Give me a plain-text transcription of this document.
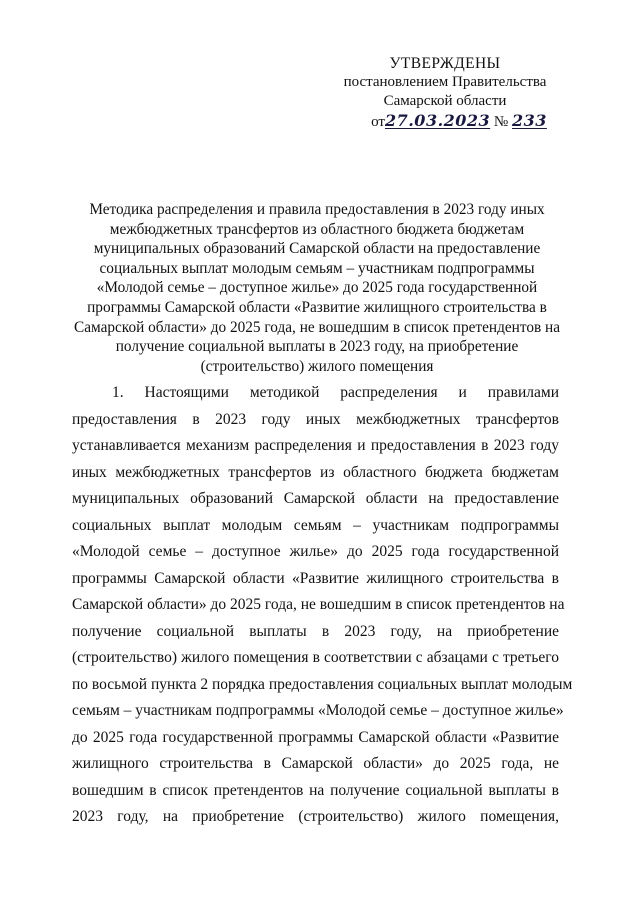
УТВЕРЖДЕНЫ
постановлением Правительства
Самарской области
от27.03.2023 № 233
Методика распределения и правила предоставления в 2023 году иных
межбюджетных трансфертов из областного бюджета бюджетам
муниципальных образований Самарской области на предоставление
социальных выплат молодым семьям – участникам подпрограммы
«Молодой семье – доступное жилье» до 2025 года государственной
программы Самарской области «Развитие жилищного строительства в
Самарской области» до 2025 года, не вошедшим в список претендентов на
получение социальной выплаты в 2023 году, на приобретение
(строительство) жилого помещения
1. Настоящими методикой распределения и правилами
предоставления в 2023 году иных межбюджетных трансфертов
устанавливается механизм распределения и предоставления в 2023 году
иных межбюджетных трансфертов из областного бюджета бюджетам
муниципальных образований Самарской области на предоставление
социальных выплат молодым семьям – участникам подпрограммы
«Молодой семье – доступное жилье» до 2025 года государственной
программы Самарской области «Развитие жилищного строительства в
Самарской области» до 2025 года, не вошедшим в список претендентов на
получение социальной выплаты в 2023 году, на приобретение
(строительство) жилого помещения в соответствии с абзацами с третьего
по восьмой пункта 2 порядка предоставления социальных выплат молодым
семьям – участникам подпрограммы «Молодой семье – доступное жилье»
до 2025 года государственной программы Самарской области «Развитие
жилищного строительства в Самарской области» до 2025 года, не
вошедшим в список претендентов на получение социальной выплаты в
2023 году, на приобретение (строительство) жилого помещения,
